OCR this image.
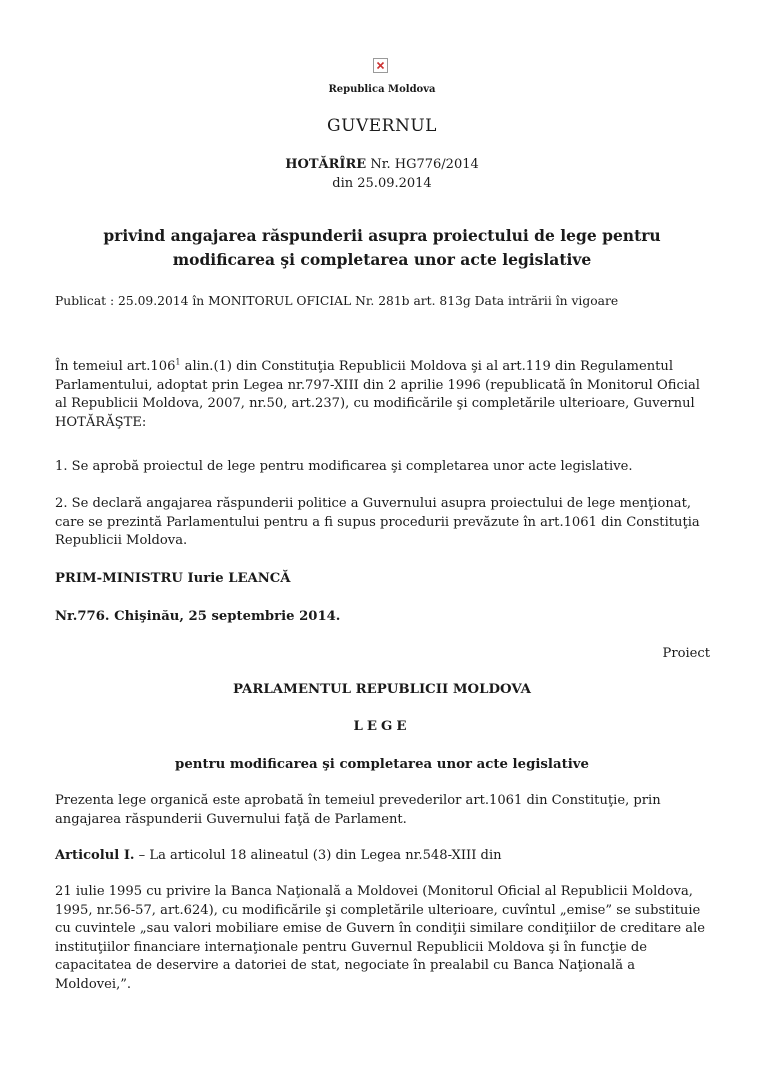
Republica Moldova
GUVERNUL
HOTĂRÎRE Nr. HG776/2014
din 25.09.2014
privind angajarea răspunderii asupra proiectului de lege pentru
modificarea şi completarea unor acte legislative
Publicat : 25.09.2014 în MONITORUL OFICIAL Nr. 281b art. 813g Data intrării în vigoare
În temeiul art.106$^1$ alin.(1) din Constituţia Republicii Moldova şi al art.119 din Regulamentul Parlamentului, adoptat prin Legea nr.797-XIII din 2 aprilie 1996 (republicată în Monitorul Oficial al Republicii Moldova, 2007, nr.50, art.237), cu modificările şi completările ulterioare, Guvernul HOTĂRĂŞTE:
1. Se aprobă proiectul de lege pentru modificarea şi completarea unor acte legislative.
2. Se declară angajarea răspunderii politice a Guvernului asupra proiectului de lege menţionat, care se prezintă Parlamentului pentru a fi supus procedurii prevăzute în art.1061 din Constituţia Republicii Moldova.
PRIM-MINISTRU Iurie LEANCĂ
Nr.776. Chişinău, 25 septembrie 2014.
Proiect
PARLAMENTUL REPUBLICII MOLDOVA
LEGE
pentru modificarea şi completarea unor acte legislative
Prezenta lege organică este aprobată în temeiul prevederilor art.1061 din Constituţie, prin angajarea răspunderii Guvernului faţă de Parlament.
Articolul I. – La articolul 18 alineatul (3) din Legea nr.548-XIII din
21 iulie 1995 cu privire la Banca Naţională a Moldovei (Monitorul Oficial al Republicii Moldova, 1995, nr.56-57, art.624), cu modificările şi completările ulterioare, cuvîntul „emise” se substituie cu cuvintele „sau valori mobiliare emise de Guvern în condiţii similare condiţiilor de creditare ale instituţiilor financiare internaţionale pentru Guvernul Republicii Moldova şi în funcţie de capacitatea de deservire a datoriei de stat, negociate în prealabil cu Banca Naţională a Moldovei,”.
